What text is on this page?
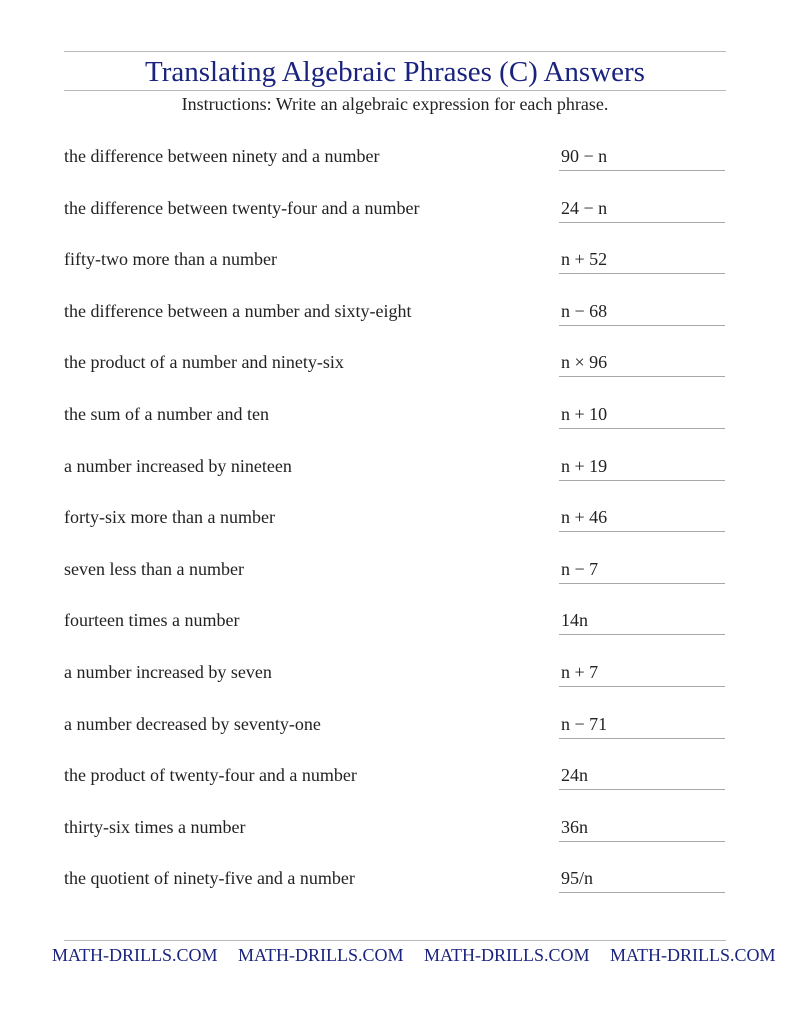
Translating Algebraic Phrases (C) Answers
Instructions: Write an algebraic expression for each phrase.
the difference between ninety and a number	90 − n
the difference between twenty-four and a number	24 − n
fifty-two more than a number	n + 52
the difference between a number and sixty-eight	n − 68
the product of a number and ninety-six	n × 96
the sum of a number and ten	n + 10
a number increased by nineteen	n + 19
forty-six more than a number	n + 46
seven less than a number	n − 7
fourteen times a number	14n
a number increased by seven	n + 7
a number decreased by seventy-one	n − 71
the product of twenty-four and a number	24n
thirty-six times a number	36n
the quotient of ninety-five and a number	95/n
MATH-DRILLS.COM MATH-DRILLS.COM MATH-DRILLS.COM MATH-DRILLS.COM
